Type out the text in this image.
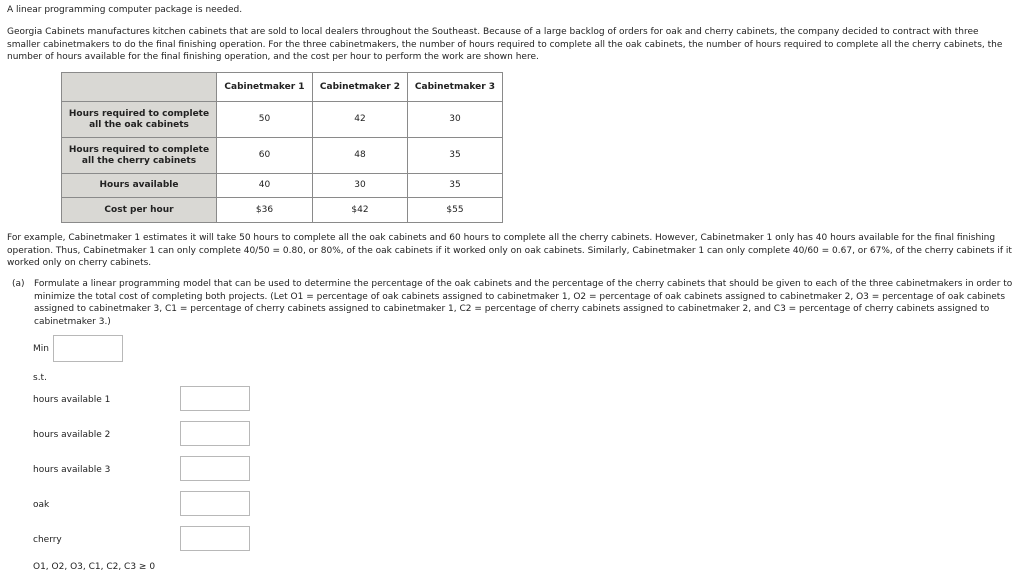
A linear programming computer package is needed.

Georgia Cabinets manufactures kitchen cabinets that are sold to local dealers throughout the Southeast. Because of a large backlog of orders for oak and cherry cabinets, the company decided to contract with three smaller cabinetmakers to do the final finishing operation. For the three cabinetmakers, the number of hours required to complete all the oak cabinets, the number of hours required to complete all the cherry cabinets, the number of hours available for the final finishing operation, and the cost per hour to perform the work are shown here.

	Cabinetmaker 1	Cabinetmaker 2	Cabinetmaker 3
Hours required to complete all the oak cabinets	50	42	30
Hours required to complete all the cherry cabinets	60	48	35
Hours available	40	30	35
Cost per hour	$36	$42	$55

For example, Cabinetmaker 1 estimates it will take 50 hours to complete all the oak cabinets and 60 hours to complete all the cherry cabinets. However, Cabinetmaker 1 only has 40 hours available for the final finishing operation. Thus, Cabinetmaker 1 can only complete 40/50 = 0.80, or 80%, of the oak cabinets if it worked only on oak cabinets. Similarly, Cabinetmaker 1 can only complete 40/60 = 0.67, or 67%, of the cherry cabinets if it worked only on cherry cabinets.

(a) Formulate a linear programming model that can be used to determine the percentage of the oak cabinets and the percentage of the cherry cabinets that should be given to each of the three cabinetmakers in order to minimize the total cost of completing both projects. (Let O1 = percentage of oak cabinets assigned to cabinetmaker 1, O2 = percentage of oak cabinets assigned to cabinetmaker 2, O3 = percentage of oak cabinets assigned to cabinetmaker 3, C1 = percentage of cherry cabinets assigned to cabinetmaker 1, C2 = percentage of cherry cabinets assigned to cabinetmaker 2, and C3 = percentage of cherry cabinets assigned to cabinetmaker 3.)

Min
s.t.
hours available 1
hours available 2
hours available 3
oak
cherry
O1, O2, O3, C1, C2, C3 ≥ 0
